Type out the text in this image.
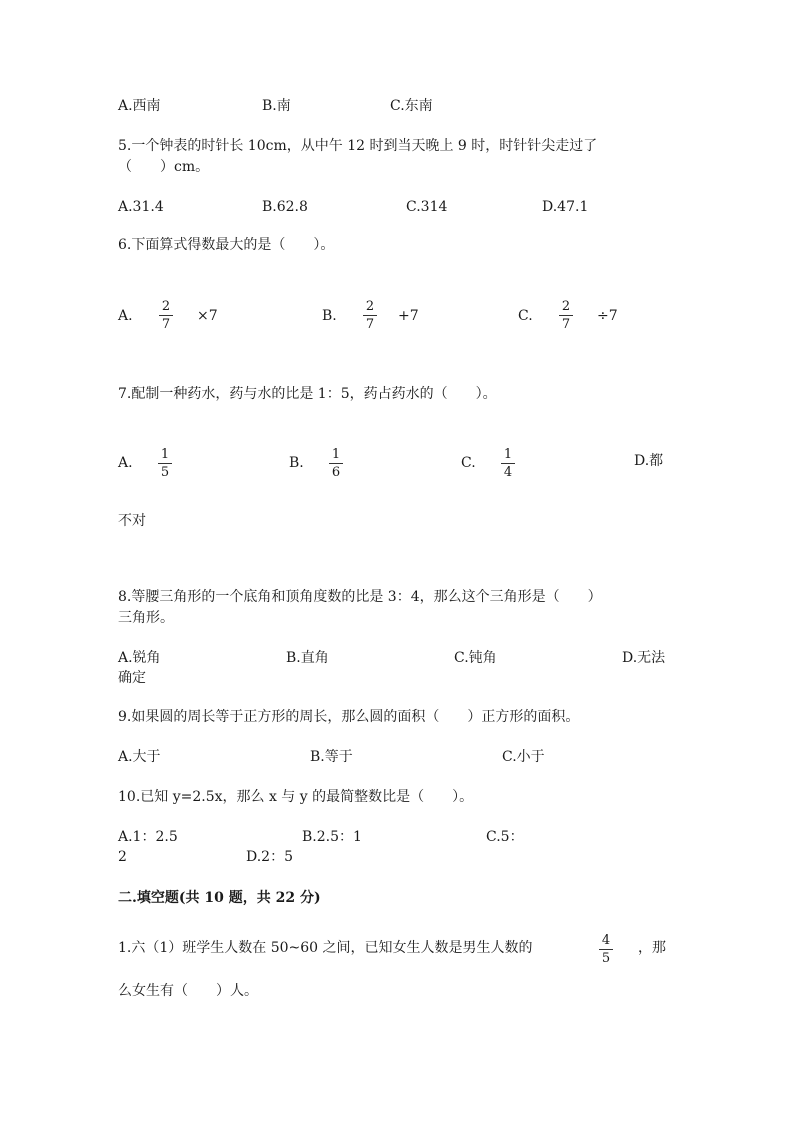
A.西南	B.南	C.东南
5.一个钟表的时针长 10cm，从中午 12 时到当天晚上 9 时，时针针尖走过了
（　　）cm。
A.31.4	B.62.8	C.314	D.47.1
6.下面算式得数最大的是（　　）。
A.
2
7
×7	B.
2
7
+7	C.
2
7
÷7
7.配制一种药水，药与水的比是 1：5，药占药水的（　　）。
A.
1
5
B.
1
6
C.
1
4
D.都
不对
8.等腰三角形的一个底角和顶角度数的比是 3：4，那么这个三角形是（　　）
三角形。
A.锐角	B.直角	C.钝角	D.无法
确定
9.如果圆的周长等于正方形的周长，那么圆的面积（　　）正方形的面积。
A.大于	B.等于	C.小于
10.已知 y=2.5x，那么 x 与 y 的最简整数比是（　　）。
A.1：2.5	B.2.5：1	C.5：
2	D.2：5
二.填空题(共 10 题，共 22 分)
1.六（1）班学生人数在 50~60 之间，已知女生人数是男生人数的	4
5
，那
么女生有（　　）人。
